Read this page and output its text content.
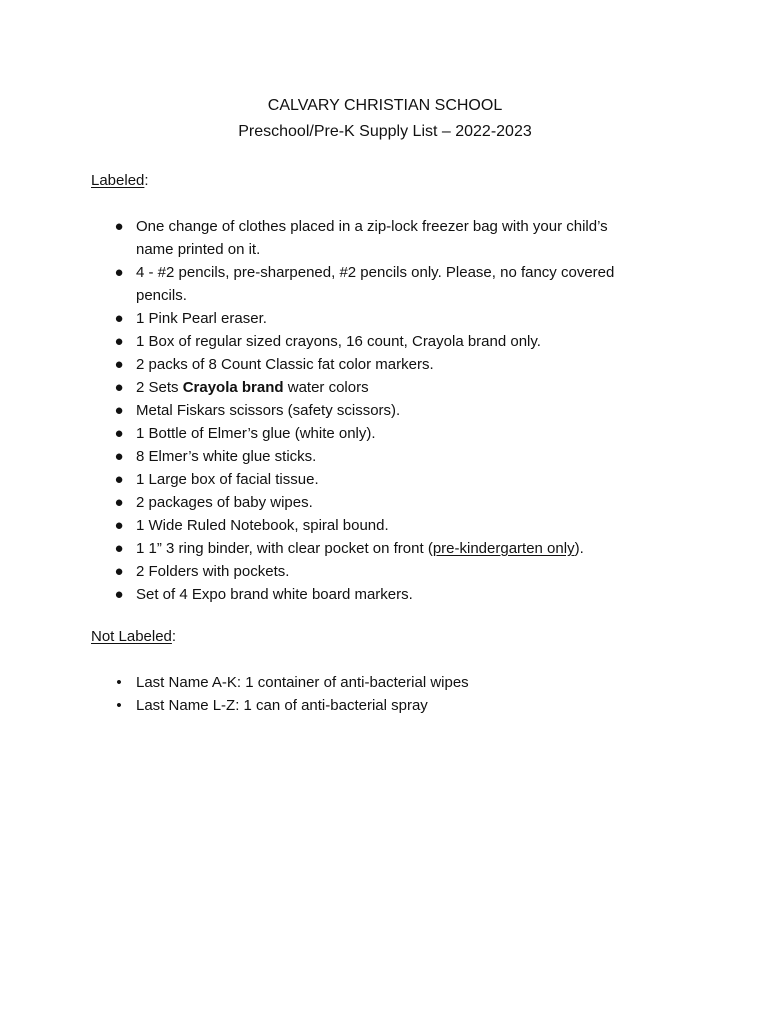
CALVARY CHRISTIAN SCHOOL
Preschool/Pre-K Supply List – 2022-2023

Labeled:

● One change of clothes placed in a zip-lock freezer bag with your child’s
name printed on it.
● 4 - #2 pencils, pre-sharpened, #2 pencils only. Please, no fancy covered
pencils.
● 1 Pink Pearl eraser.
● 1 Box of regular sized crayons, 16 count, Crayola brand only.
● 2 packs of 8 Count Classic fat color markers.
● 2 Sets Crayola brand water colors
● Metal Fiskars scissors (safety scissors).
● 1 Bottle of Elmer’s glue (white only).
● 8 Elmer’s white glue sticks.
● 1 Large box of facial tissue.
● 2 packages of baby wipes.
● 1 Wide Ruled Notebook, spiral bound.
● 1 1” 3 ring binder, with clear pocket on front (pre-kindergarten only).
● 2 Folders with pockets.
● Set of 4 Expo brand white board markers.

Not Labeled:

• Last Name A-K: 1 container of anti-bacterial wipes
• Last Name L-Z: 1 can of anti-bacterial spray
